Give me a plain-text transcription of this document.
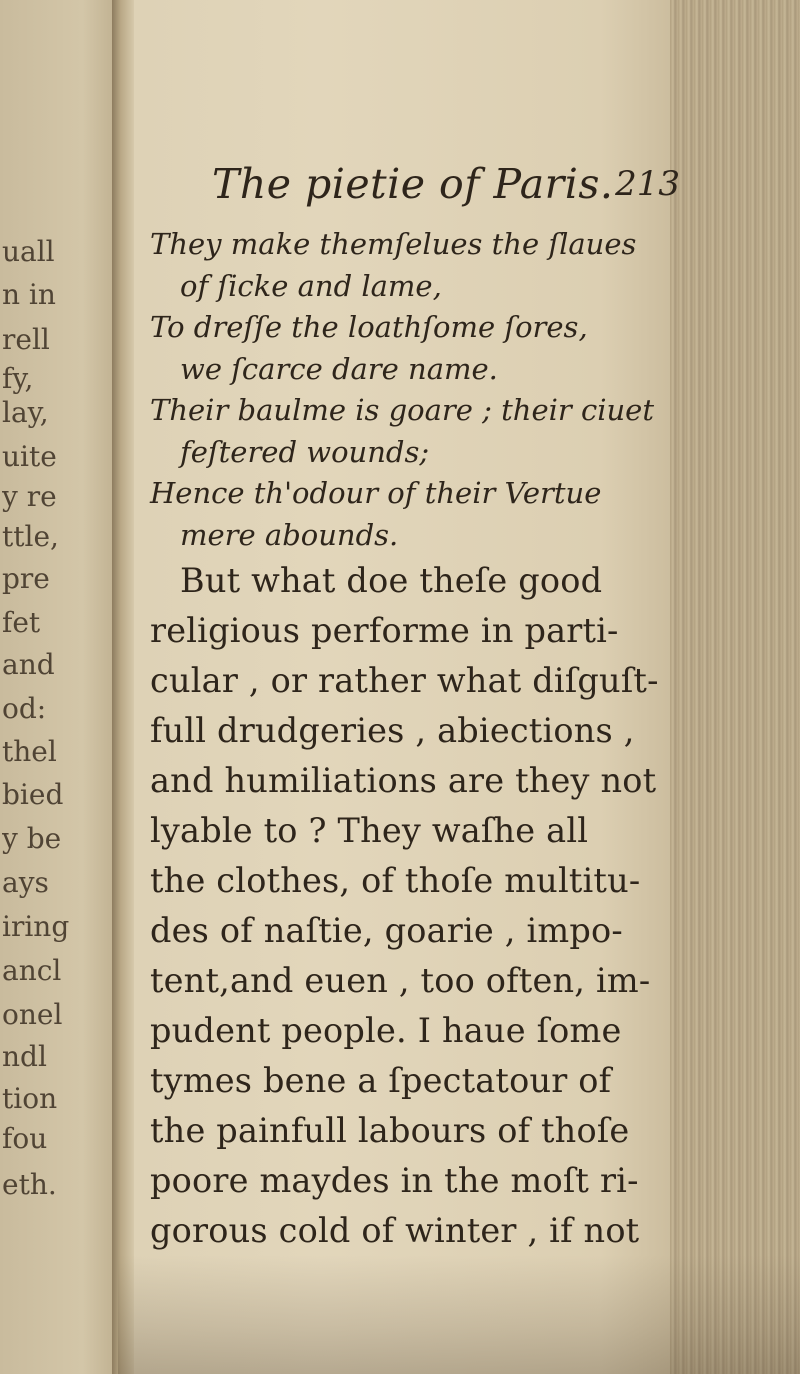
uall
n in
rell
fy,
lay,
uite
y re
ttle,
pre
fet
and
od:
thel
bied
y be
ays
iring
ancl
onel
ndl
tion
fou
eth.
The pietie of Paris. 213

They make themſelues the ſlaues

of ſicke and lame,

To dreſſe the loathſome ſores,

we ſcarce dare name.

Their baulme is goare ; their ciuet

feſtered wounds;

Hence th'odour of their Vertue

mere abounds.

But what doe theſe good

religious performe in parti-

cular , or rather what diſguſt-

full drudgeries , abiections ,

and humiliations are they not

lyable to ? They waſhe all

the clothes, of thoſe multitu-

des of naſtie, goarie , impo-

tent,and euen , too often, im-

pudent people. I haue ſome

tymes bene a ſpectatour of

the painfull labours of thoſe

poore maydes in the moſt ri-

gorous cold of winter , if not
